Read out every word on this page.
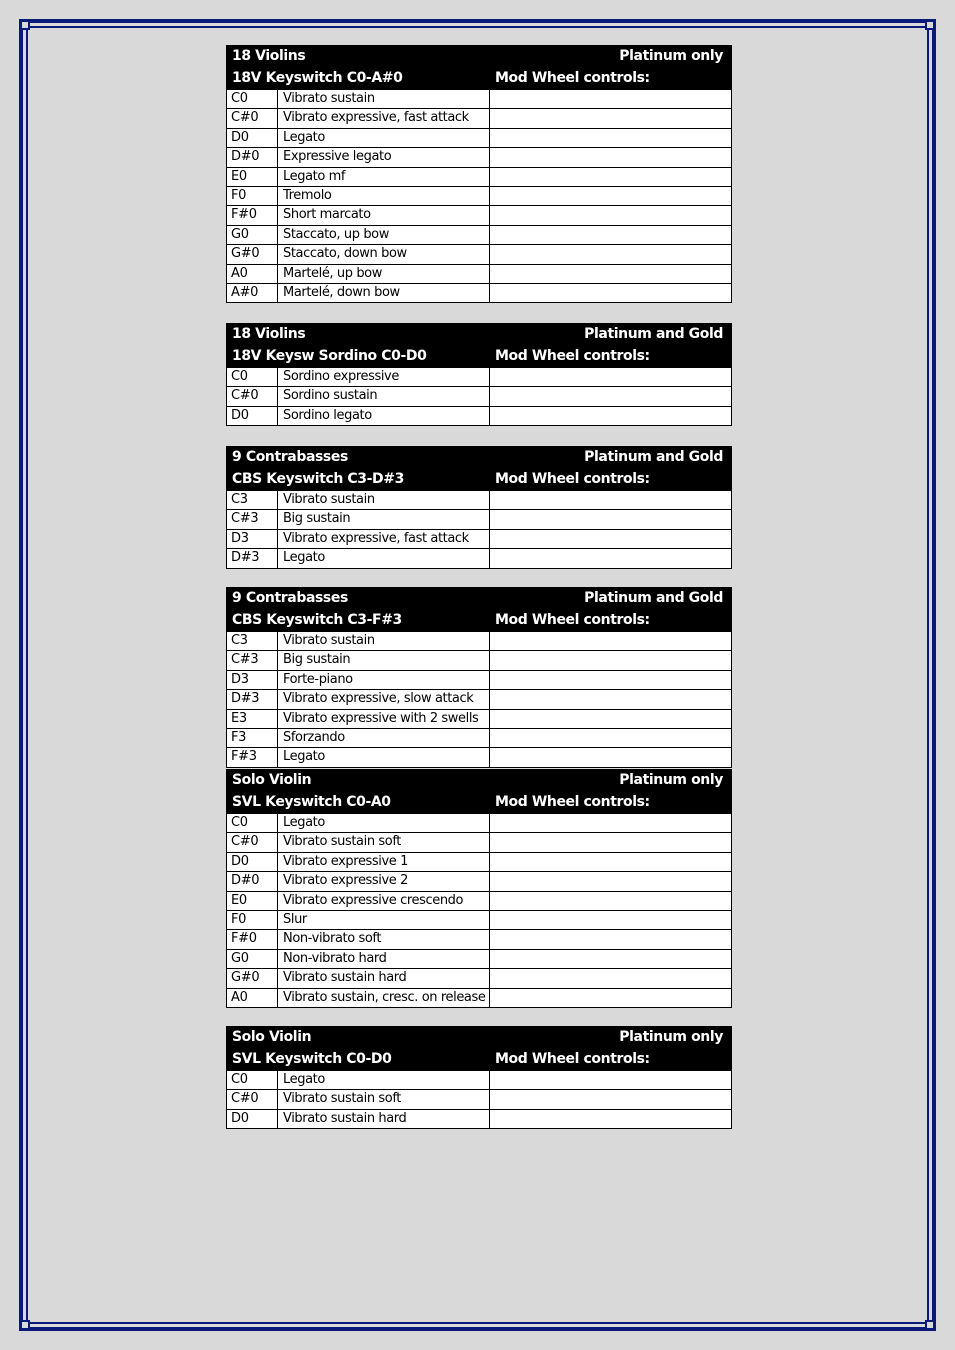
18 Violins	Platinum only
18V Keyswitch C0-A#0	Mod Wheel controls:
C0	Vibrato sustain
C#0	Vibrato expressive, fast attack
D0	Legato
D#0	Expressive legato
E0	Legato mf
F0	Tremolo
F#0	Short marcato
G0	Staccato, up bow
G#0	Staccato, down bow
A0	Martelé, up bow
A#0	Martelé, down bow
18 Violins	Platinum and Gold
18V Keysw Sordino C0-D0	Mod Wheel controls:
C0	Sordino expressive
C#0	Sordino sustain
D0	Sordino legato
9 Contrabasses	Platinum and Gold
CBS Keyswitch C3-D#3	Mod Wheel controls:
C3	Vibrato sustain
C#3	Big sustain
D3	Vibrato expressive, fast attack
D#3	Legato
9 Contrabasses	Platinum and Gold
CBS Keyswitch C3-F#3	Mod Wheel controls:
C3	Vibrato sustain
C#3	Big sustain
D3	Forte-piano
D#3	Vibrato expressive, slow attack
E3	Vibrato expressive with 2 swells
F3	Sforzando
F#3	Legato
Solo Violin	Platinum only
SVL Keyswitch C0-A0	Mod Wheel controls:
C0	Legato
C#0	Vibrato sustain soft
D0	Vibrato expressive 1
D#0	Vibrato expressive 2
E0	Vibrato expressive crescendo
F0	Slur
F#0	Non-vibrato soft
G0	Non-vibrato hard
G#0	Vibrato sustain hard
A0	Vibrato sustain, cresc. on release
Solo Violin	Platinum only
SVL Keyswitch C0-D0	Mod Wheel controls:
C0	Legato
C#0	Vibrato sustain soft
D0	Vibrato sustain hard
